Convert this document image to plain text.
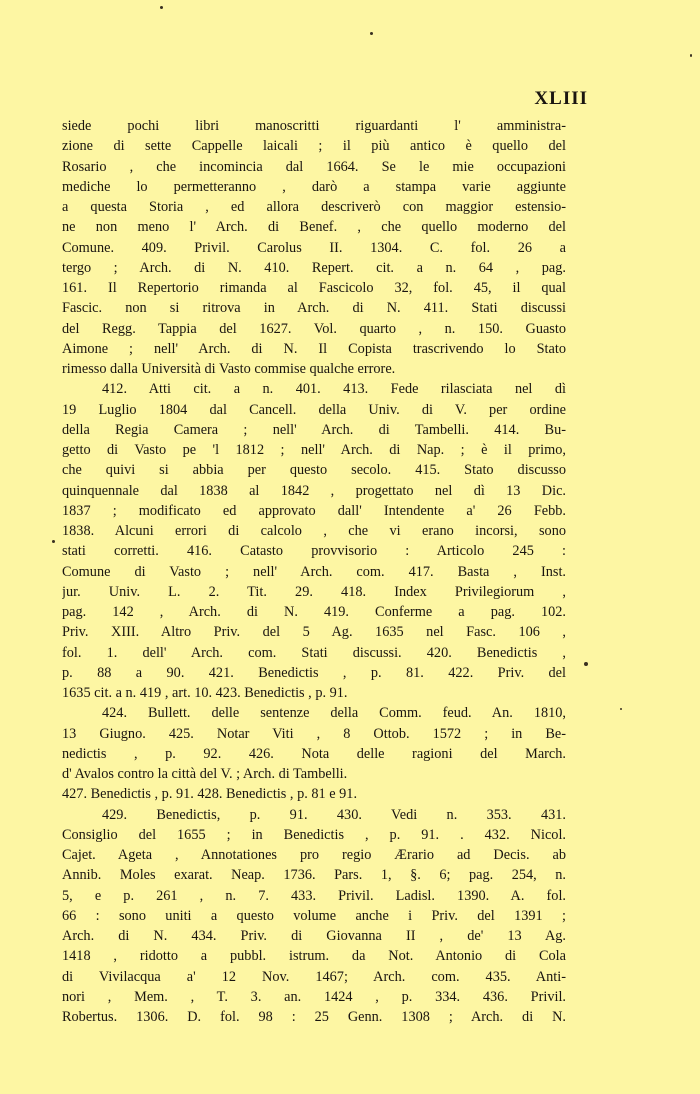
XLIII
siede pochi libri manoscritti riguardanti l' amministra-
zione di sette Cappelle laicali ; il più antico è quello del
Rosario , che incomincia dal 1664. Se le mie occupazioni
mediche lo permetteranno , darò a stampa varie aggiunte
a questa Storia , ed allora descriverò con maggior estensio-
ne non meno l' Arch. di Benef. , che quello moderno del
Comune. 409. Privil. Carolus II. 1304. C. fol. 26 a
tergo ; Arch. di N. 410. Repert. cit. a n. 64 , pag.
161. Il Repertorio rimanda al Fascicolo 32, fol. 45, il qual
Fascic. non si ritrova in Arch. di N. 411. Stati discussi
del Regg. Tappia del 1627. Vol. quarto , n. 150. Guasto
Aimone ; nell' Arch. di N. Il Copista trascrivendo lo Stato
rimesso dalla Università di Vasto commise qualche errore.
412. Atti cit. a n. 401. 413. Fede rilasciata nel dì
19 Luglio 1804 dal Cancell. della Univ. di V. per ordine
della Regia Camera ; nell' Arch. di Tambelli. 414. Bu-
getto di Vasto pe 'l 1812 ; nell' Arch. di Nap. ; è il primo,
che quivi si abbia per questo secolo. 415. Stato discusso
quinquennale dal 1838 al 1842 , progettato nel dì 13 Dic.
1837 ; modificato ed approvato dall' Intendente a' 26 Febb.
1838. Alcuni errori di calcolo , che vi erano incorsi, sono
stati corretti. 416. Catasto provvisorio : Articolo 245 :
Comune di Vasto ; nell' Arch. com. 417. Basta , Inst.
jur. Univ. L. 2. Tit. 29. 418. Index Privilegiorum ,
pag. 142 , Arch. di N. 419. Conferme a pag. 102.
Priv. XIII. Altro Priv. del 5 Ag. 1635 nel Fasc. 106 ,
fol. 1. dell' Arch. com. Stati discussi. 420. Benedictis ,
p. 88 a 90. 421. Benedictis , p. 81. 422. Priv. del
1635 cit. a n. 419 , art. 10. 423. Benedictis , p. 91.
424. Bullett. delle sentenze della Comm. feud. An. 1810,
13 Giugno. 425. Notar Viti , 8 Ottob. 1572 ; in Be-
nedictis , p. 92. 426. Nota delle ragioni del March.
d' Avalos contro la città del V. ; Arch. di Tambelli.
427. Benedictis , p. 91. 428. Benedictis , p. 81 e 91.
429. Benedictis, p. 91. 430. Vedi n. 353. 431.
Consiglio del 1655 ; in Benedictis , p. 91. . 432. Nicol.
Cajet. Ageta , Annotationes pro regio Ærario ad Decis. ab
Annib. Moles exarat. Neap. 1736. Pars. 1, §. 6; pag. 254, n.
5, e p. 261 , n. 7. 433. Privil. Ladisl. 1390. A. fol.
66 : sono uniti a questo volume anche i Priv. del 1391 ;
Arch. di N. 434. Priv. di Giovanna II , de' 13 Ag.
1418 , ridotto a pubbl. istrum. da Not. Antonio di Cola
di Vivilacqua a' 12 Nov. 1467; Arch. com. 435. Anti-
nori , Mem. , T. 3. an. 1424 , p. 334. 436. Privil.
Robertus. 1306. D. fol. 98 : 25 Genn. 1308 ; Arch. di N.
